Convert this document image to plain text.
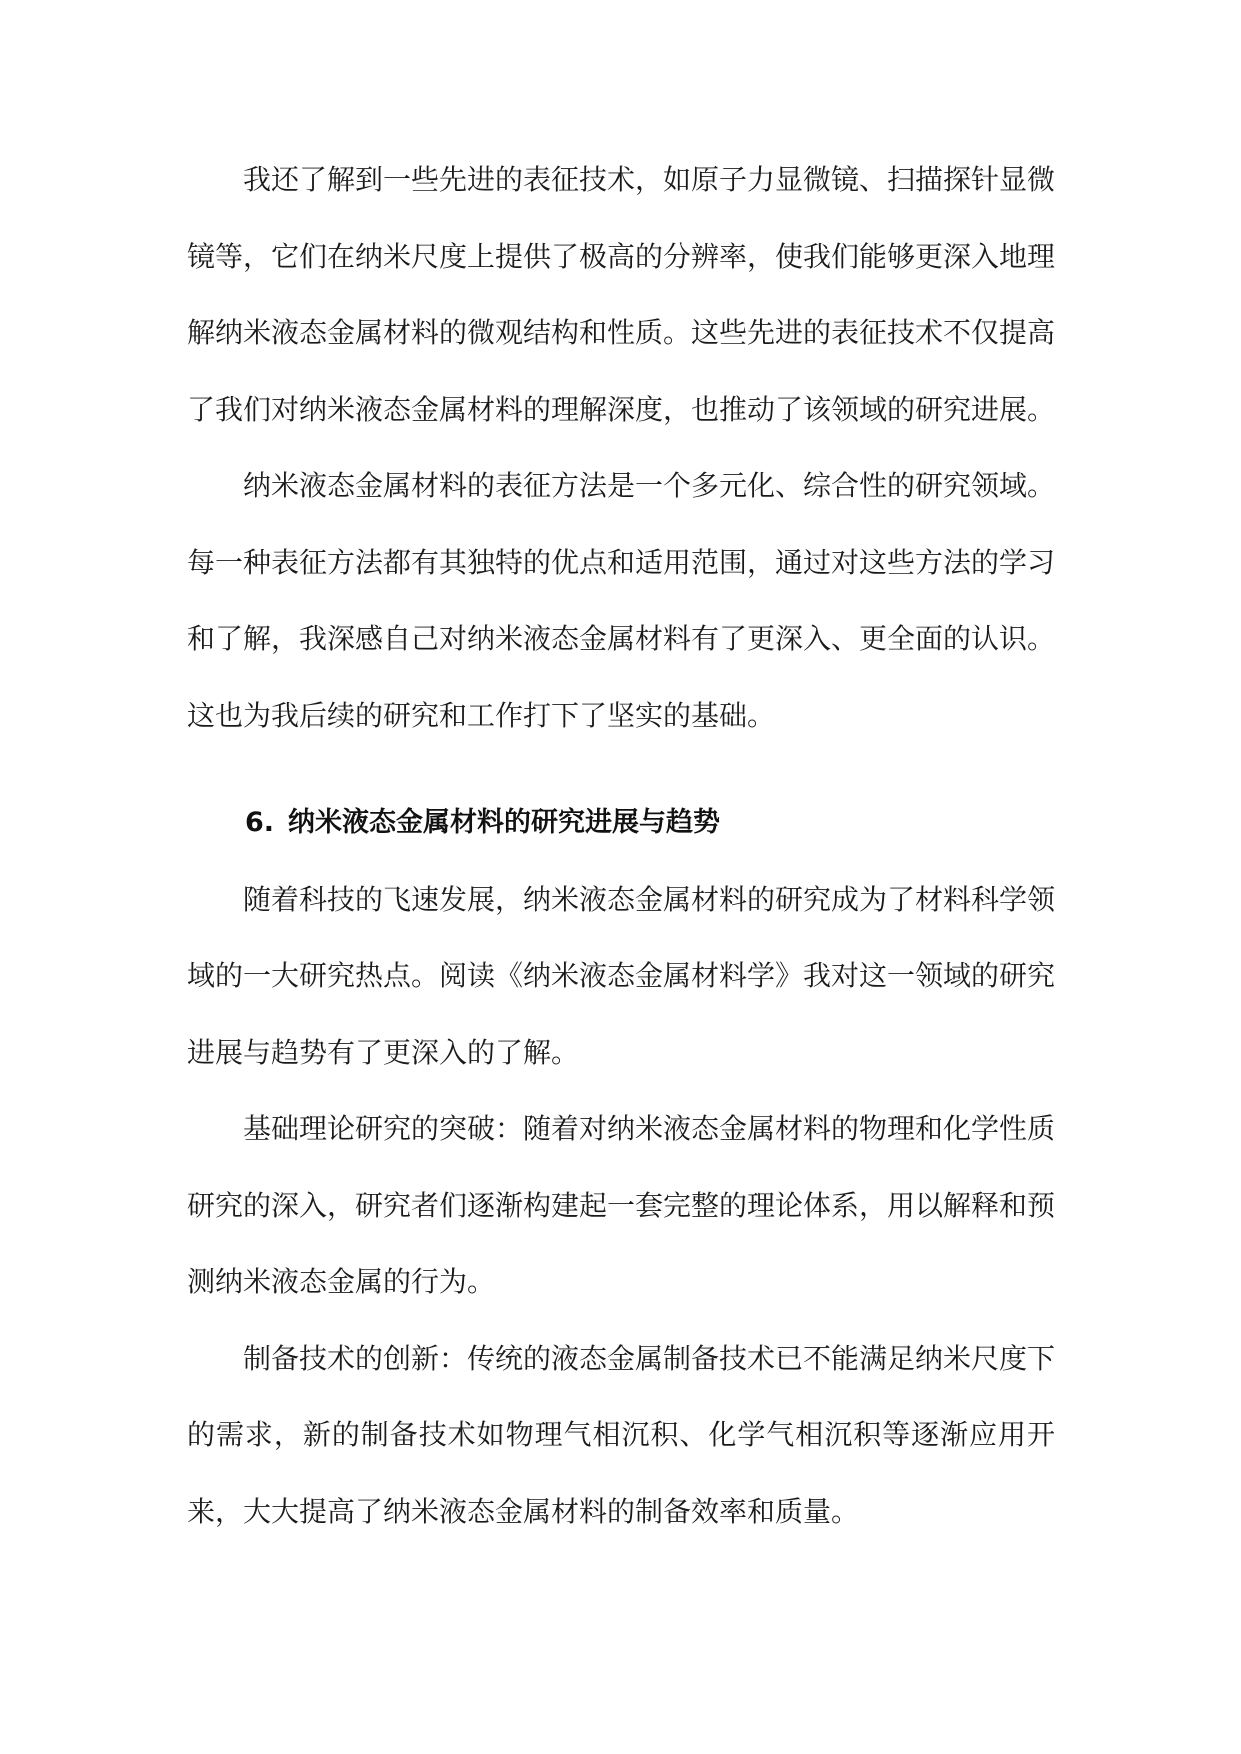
我还了解到一些先进的表征技术，如原子力显微镜、扫描探针显微镜等，它们在纳米尺度上提供了极高的分辨率，使我们能够更深入地理解纳米液态金属材料的微观结构和性质。这些先进的表征技术不仅提高了我们对纳米液态金属材料的理解深度，也推动了该领域的研究进展。

纳米液态金属材料的表征方法是一个多元化、综合性的研究领域。每一种表征方法都有其独特的优点和适用范围，通过对这些方法的学习和了解，我深感自己对纳米液态金属材料有了更深入、更全面的认识。这也为我后续的研究和工作打下了坚实的基础。

6. 纳米液态金属材料的研究进展与趋势

随着科技的飞速发展，纳米液态金属材料的研究成为了材料科学领域的一大研究热点。阅读《纳米液态金属材料学》我对这一领域的研究进展与趋势有了更深入的了解。

基础理论研究的突破：随着对纳米液态金属材料的物理和化学性质研究的深入，研究者们逐渐构建起一套完整的理论体系，用以解释和预测纳米液态金属的行为。

制备技术的创新：传统的液态金属制备技术已不能满足纳米尺度下的需求，新的制备技术如物理气相沉积、化学气相沉积等逐渐应用开来，大大提高了纳米液态金属材料的制备效率和质量。
